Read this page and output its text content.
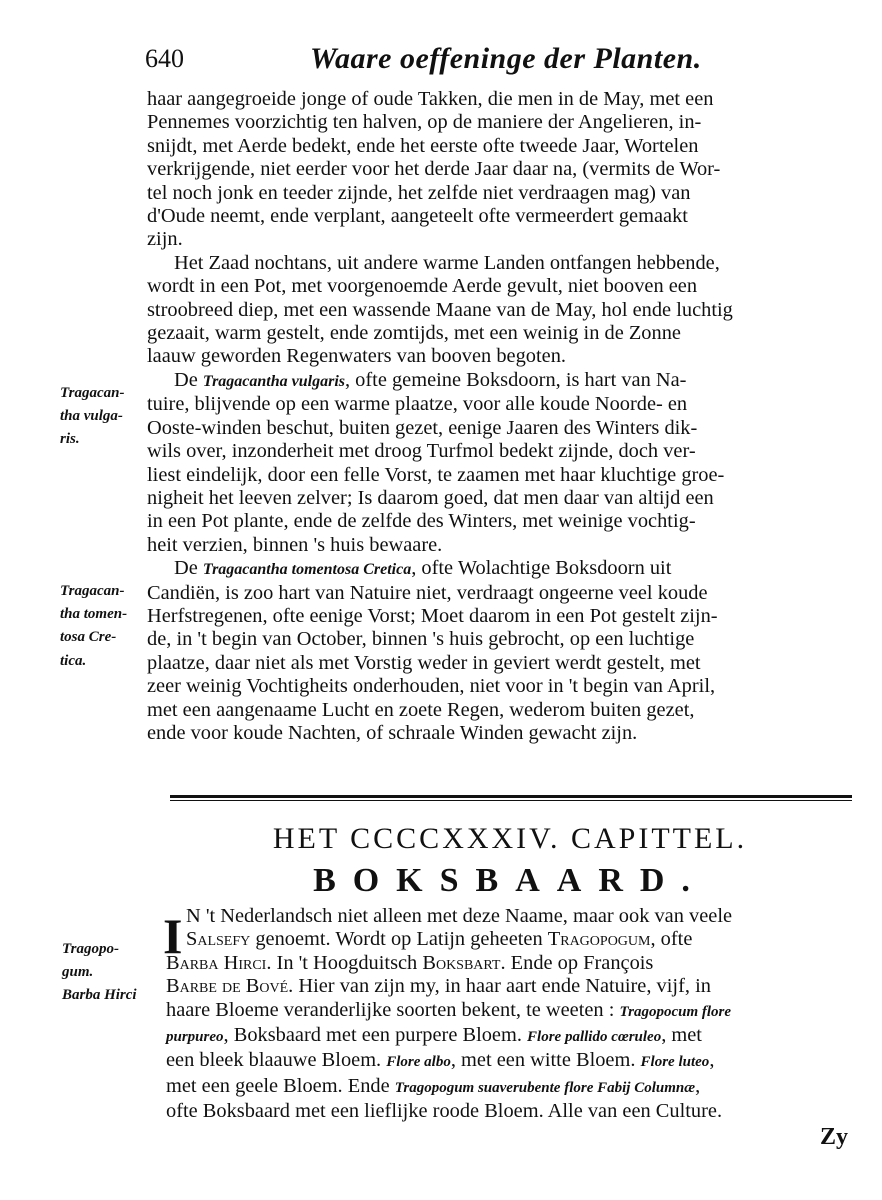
640	Waare oeffeninge der Planten.

haar aangegroeide jonge of oude Takken, die men in de May, met een

Pennemes voorzichtig ten halven, op de maniere der Angelieren, in-

snijdt, met Aerde bedekt, ende het eerste ofte tweede Jaar, Wortelen

verkrijgende, niet eerder voor het derde Jaar daar na, (vermits de Wor-

tel noch jonk en teeder zijnde, het zelfde niet verdraagen mag) van

d'Oude neemt, ende verplant, aangeteelt ofte vermeerdert gemaakt

zijn.

Het Zaad nochtans, uit andere warme Landen ontfangen hebbende,

wordt in een Pot, met voorgenoemde Aerde gevult, niet booven een

stroobreed diep, met een wassende Maane van de May, hol ende luchtig

gezaait, warm gestelt, ende zomtijds, met een weinig in de Zonne

laauw geworden Regenwaters van booven begoten.

De Tragacantha vulgaris, ofte gemeine Boksdoorn, is hart van Na-

tuire, blijvende op een warme plaatze, voor alle koude Noorde- en

Ooste-winden beschut, buiten gezet, eenige Jaaren des Winters dik-

wils over, inzonderheit met droog Turfmol bedekt zijnde, doch ver-

liest eindelijk, door een felle Vorst, te zaamen met haar kluchtige groe-

nigheit het leeven zelver; Is daarom goed, dat men daar van altijd een

in een Pot plante, ende de zelfde des Winters, met weinige vochtig-

heit verzien, binnen 's huis bewaare.

De Tragacantha tomentosa Cretica, ofte Wolachtige Boksdoorn uit

Candiën, is zoo hart van Natuire niet, verdraagt ongeerne veel koude

Herfstregenen, ofte eenige Vorst; Moet daarom in een Pot gestelt zijn-

de, in 't begin van October, binnen 's huis gebrocht, op een luchtige

plaatze, daar niet als met Vorstig weder in geviert werdt gestelt, met

zeer weinig Vochtigheits onderhouden, niet voor in 't begin van April,

met een aangenaame Lucht en zoete Regen, wederom buiten gezet,

ende voor koude Nachten, of schraale Winden gewacht zijn.

Tragacan-
tha vulga-
ris.
Tragacan-
tha tomen-
tosa Cre-
tica.
HET CCCCXXXIV. CAPITTEL.
BOKSBAARD.
Tragopo-
gum.
Barba Hirci
I N 't Nederlandsch niet alleen met deze Naame, maar ook van veele

Salsefy genoemt. Wordt op Latijn geheeten Tragopogum, ofte

Barba Hirci. In 't Hoogduitsch Boksbart. Ende op François

Barbe de Bové. Hier van zijn my, in haar aart ende Natuire, vijf, in

haare Bloeme veranderlijke soorten bekent, te weeten : Tragopocum flore

purpureo, Boksbaard met een purpere Bloem. Flore pallido cœruleo, met

een bleek blaauwe Bloem. Flore albo, met een witte Bloem. Flore luteo,

met een geele Bloem. Ende Tragopogum suaverubente flore Fabij Columnæ,

ofte Boksbaard met een lieflijke roode Bloem. Alle van een Culture.

Zy
